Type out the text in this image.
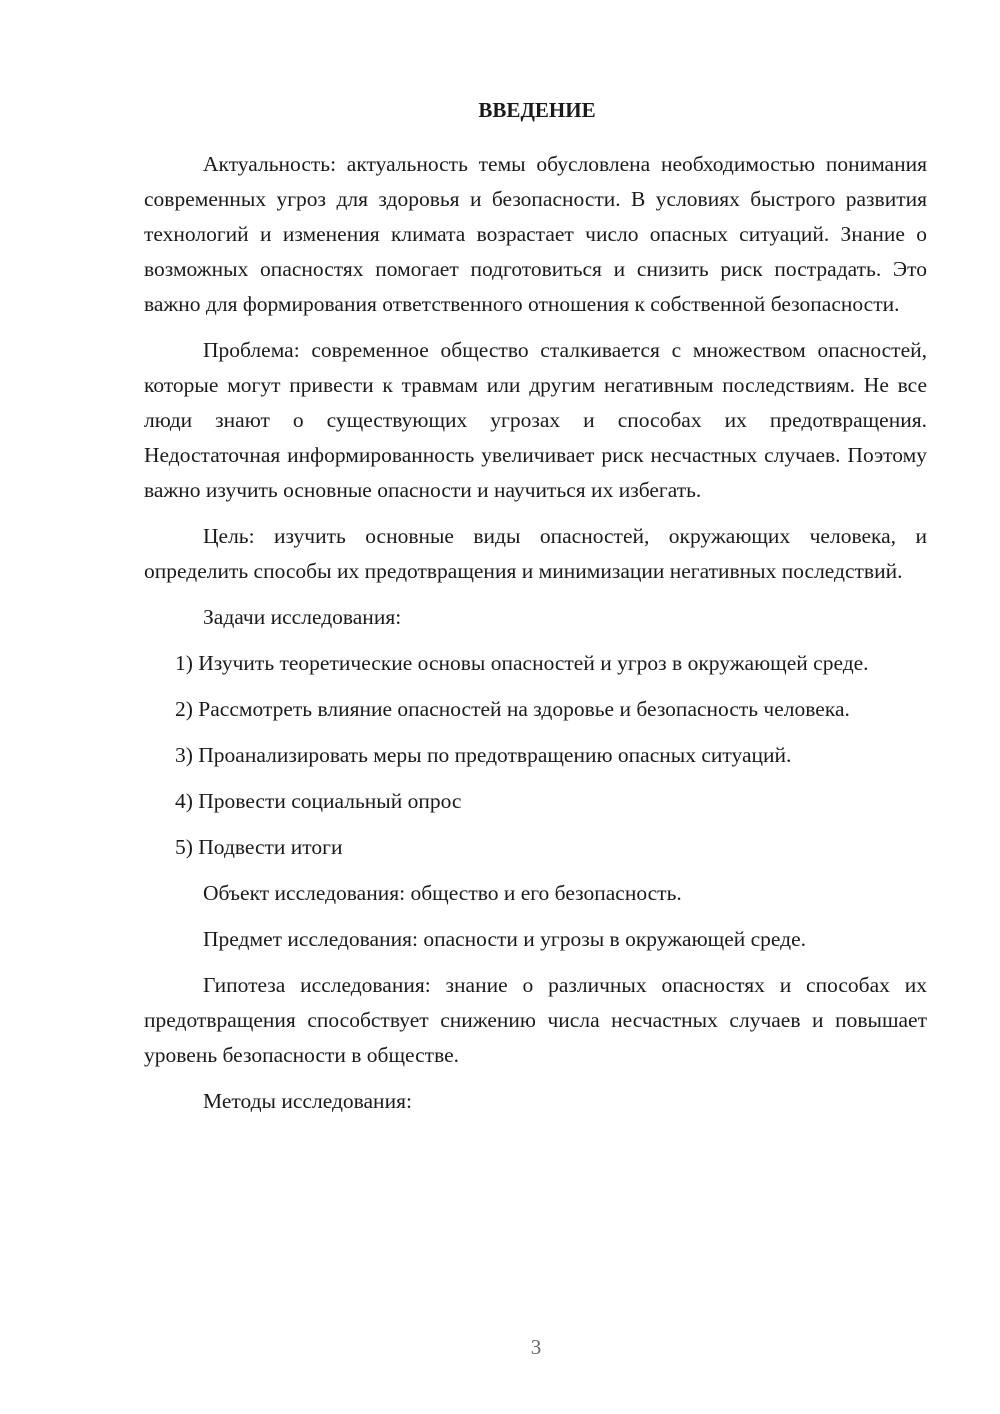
ВВЕДЕНИЕ

Актуальность: актуальность темы обусловлена необходимостью понимания современных угроз для здоровья и безопасности. В условиях быстрого развития технологий и изменения климата возрастает число опасных ситуаций. Знание о возможных опасностях помогает подготовиться и снизить риск пострадать. Это важно для формирования ответственного отношения к собственной безопасности.

Проблема: современное общество сталкивается с множеством опасностей, которые могут привести к травмам или другим негативным последствиям. Не все люди знают о существующих угрозах и способах их предотвращения. Недостаточная информированность увеличивает риск несчастных случаев. Поэтому важно изучить основные опасности и научиться их избегать.

Цель: изучить основные виды опасностей, окружающих человека, и определить способы их предотвращения и минимизации негативных последствий.

Задачи исследования:

1) Изучить теоретические основы опасностей и угроз в окружающей среде.

2) Рассмотреть влияние опасностей на здоровье и безопасность человека.

3) Проанализировать меры по предотвращению опасных ситуаций.

4) Провести социальный опрос

5) Подвести итоги

Объект исследования: общество и его безопасность.

Предмет исследования: опасности и угрозы в окружающей среде.

Гипотеза исследования: знание о различных опасностях и способах их предотвращения способствует снижению числа несчастных случаев и повышает уровень безопасности в обществе.

Методы исследования:

3
